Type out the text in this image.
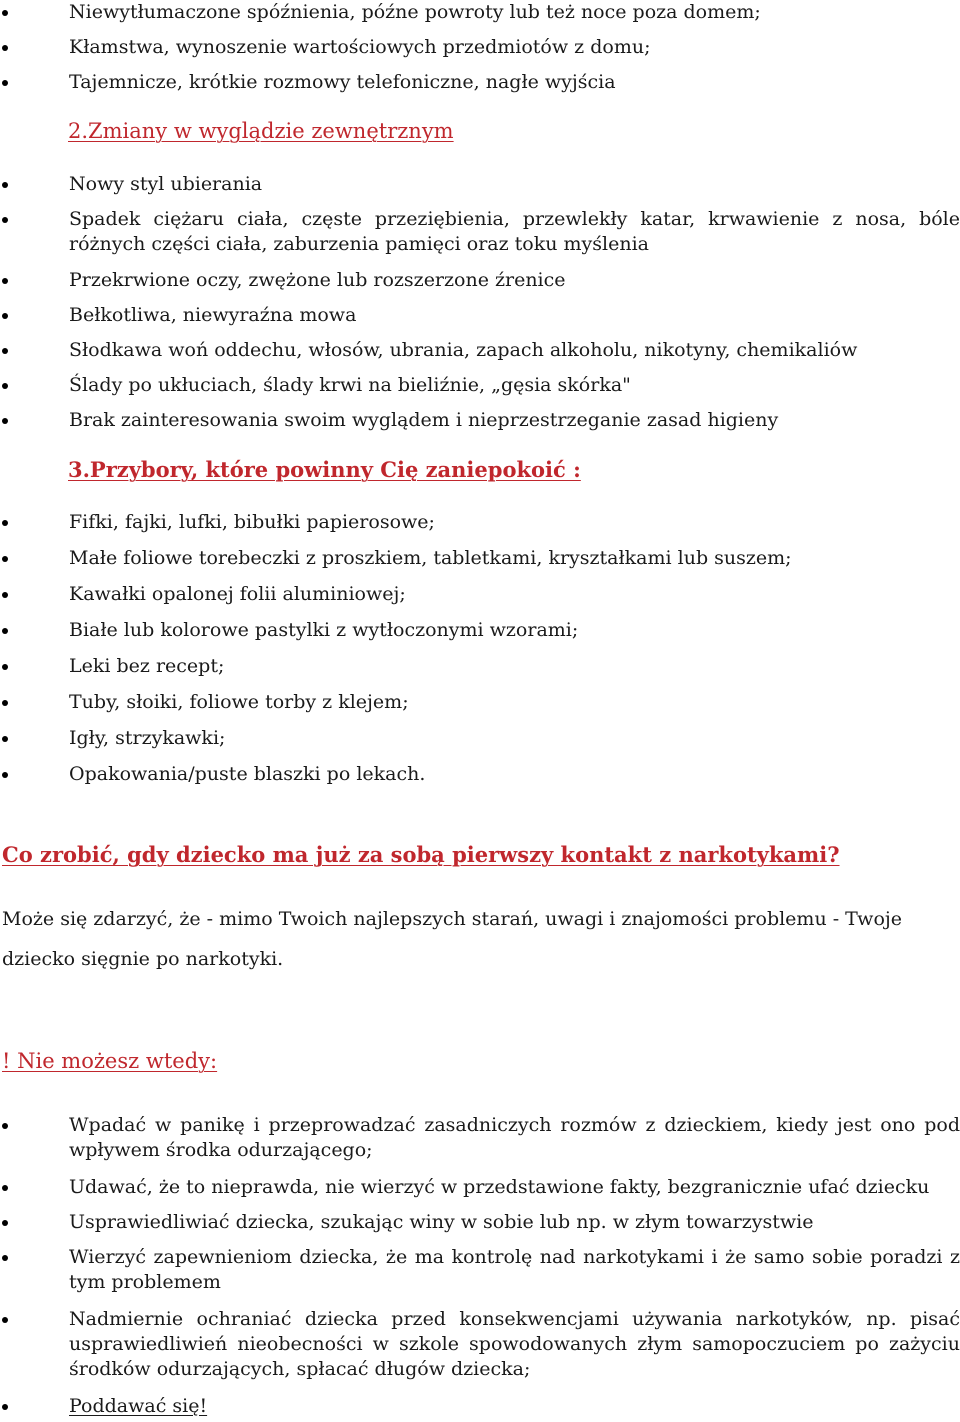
Niewytłumaczone spóźnienia, późne powroty lub też noce poza domem;
Kłamstwa, wynoszenie wartościowych przedmiotów z domu;
Tajemnicze, krótkie rozmowy telefoniczne, nagłe wyjścia
2.Zmiany w wyglądzie zewnętrznym
Nowy styl ubierania
Spadek ciężaru ciała, częste przeziębienia, przewlekły katar, krwawienie z nosa, bóle różnych części ciała, zaburzenia pamięci oraz toku myślenia
Przekrwione oczy, zwężone lub rozszerzone źrenice
Bełkotliwa, niewyraźna mowa
Słodkawa woń oddechu, włosów, ubrania, zapach alkoholu, nikotyny, chemikaliów
Ślady po ukłuciach, ślady krwi na bieliźnie, „gęsia skórka"
Brak zainteresowania swoim wyglądem i nieprzestrzeganie zasad higieny
3.Przybory, które powinny Cię zaniepokoić :
Fifki, fajki, lufki, bibułki papierosowe;
Małe foliowe torebeczki z proszkiem, tabletkami, kryształkami lub suszem;
Kawałki opalonej folii aluminiowej;
Białe lub kolorowe pastylki z wytłoczonymi wzorami;
Leki bez recept;
Tuby, słoiki, foliowe torby z klejem;
Igły, strzykawki;
Opakowania/puste blaszki po lekach.
Co zrobić, gdy dziecko ma już za sobą pierwszy kontakt z narkotykami?
Może się zdarzyć, że - mimo Twoich najlepszych starań, uwagi i znajomości problemu - Twoje dziecko sięgnie po narkotyki.
! Nie możesz wtedy:
Wpadać w panikę i przeprowadzać zasadniczych rozmów z dzieckiem, kiedy jest ono pod wpływem środka odurzającego;
Udawać, że to nieprawda, nie wierzyć w przedstawione fakty, bezgranicznie ufać dziecku
Usprawiedliwiać dziecka, szukając winy w sobie lub np. w złym towarzystwie
Wierzyć zapewnieniom dziecka, że ma kontrolę nad narkotykami i że samo sobie poradzi z tym problemem
Nadmiernie ochraniać dziecka przed konsekwencjami używania narkotyków, np. pisać usprawiedliwień nieobecności w szkole spowodowanych złym samopoczuciem po zażyciu środków odurzających, spłacać długów dziecka;
Poddawać się!
